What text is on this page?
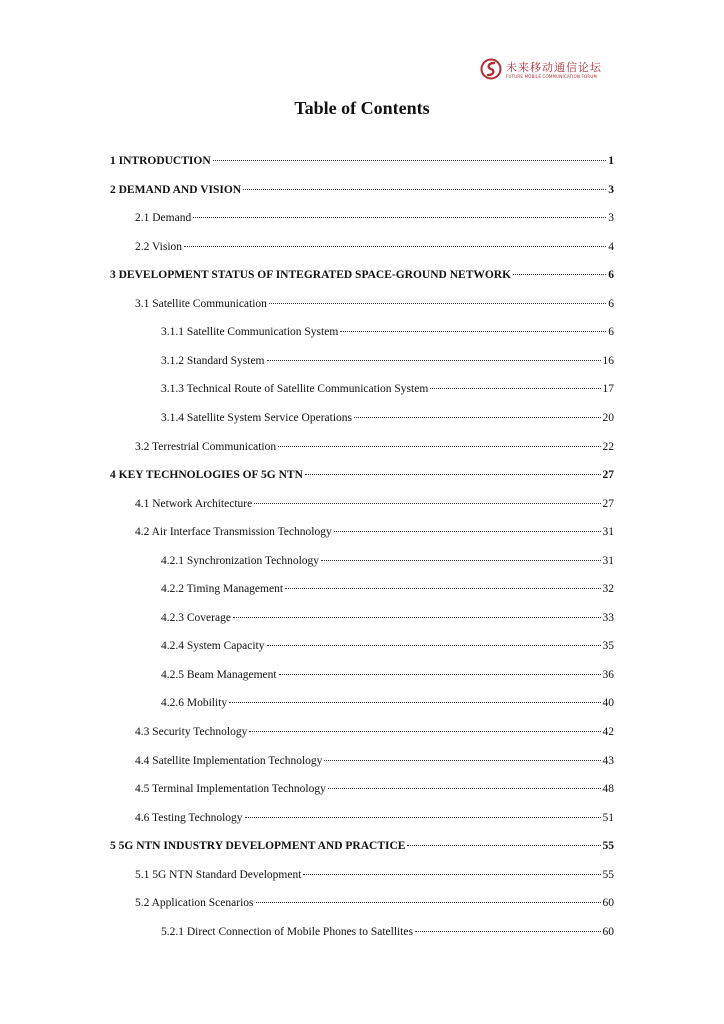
未来移动通信论坛
FUTURE MOBILE COMMUNICATION FORUM
Table of Contents
1 INTRODUCTION	1
2 DEMAND AND VISION	3
2.1 Demand	3
2.2 Vision	4
3 DEVELOPMENT STATUS OF INTEGRATED SPACE-GROUND NETWORK	6
3.1 Satellite Communication	6
3.1.1 Satellite Communication System	6
3.1.2 Standard System	16
3.1.3 Technical Route of Satellite Communication System	17
3.1.4 Satellite System Service Operations	20
3.2 Terrestrial Communication	22
4 KEY TECHNOLOGIES OF 5G NTN	27
4.1 Network Architecture	27
4.2 Air Interface Transmission Technology	31
4.2.1 Synchronization Technology	31
4.2.2 Timing Management	32
4.2.3 Coverage	33
4.2.4 System Capacity	35
4.2.5 Beam Management	36
4.2.6 Mobility	40
4.3 Security Technology	42
4.4 Satellite Implementation Technology	43
4.5 Terminal Implementation Technology	48
4.6 Testing Technology	51
5 5G NTN INDUSTRY DEVELOPMENT AND PRACTICE	55
5.1 5G NTN Standard Development	55
5.2 Application Scenarios	60
5.2.1 Direct Connection of Mobile Phones to Satellites	60
